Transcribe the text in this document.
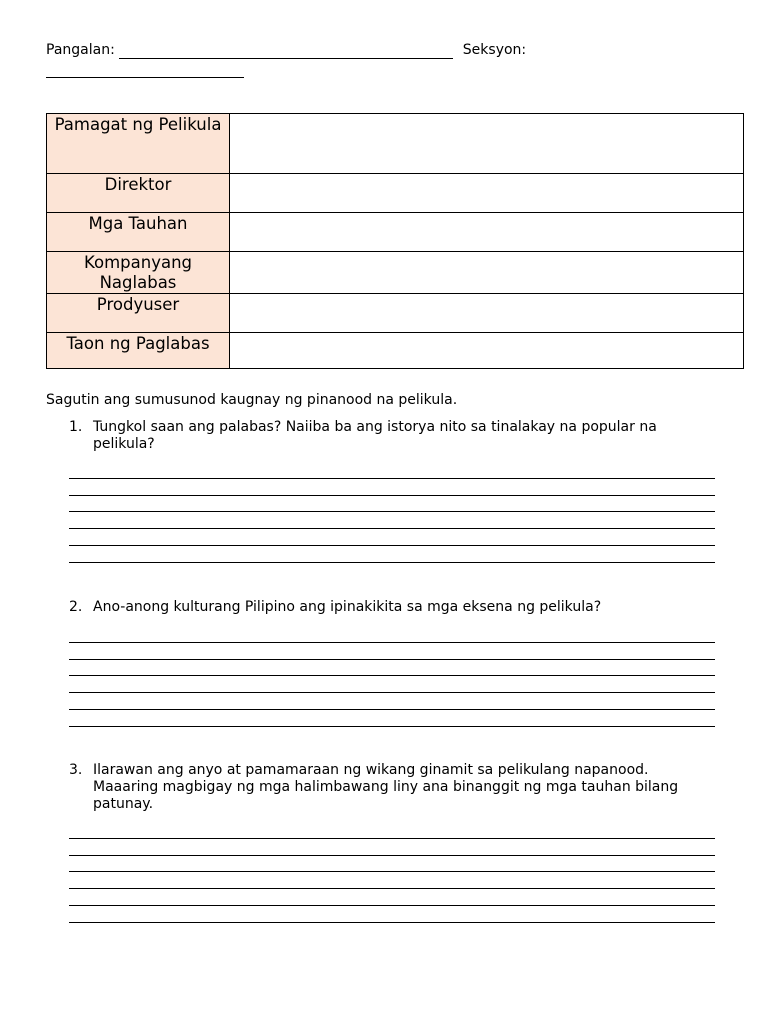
Pangalan:	Seksyon:
Pamagat ng Pelikula	
Direktor	
Mga Tauhan	
Kompanyang Naglabas	
Prodyuser	
Taon ng Paglabas	
Sagutin ang sumusunod kaugnay ng pinanood na pelikula.
1. Tungkol saan ang palabas? Naiiba ba ang istorya nito sa tinalakay na popular na pelikula?
2. Ano-anong kulturang Pilipino ang ipinakikita sa mga eksena ng pelikula?
3. Ilarawan ang anyo at pamamaraan ng wikang ginamit sa pelikulang napanood. Maaaring magbigay ng mga halimbawang liny ana binanggit ng mga tauhan bilang patunay.
